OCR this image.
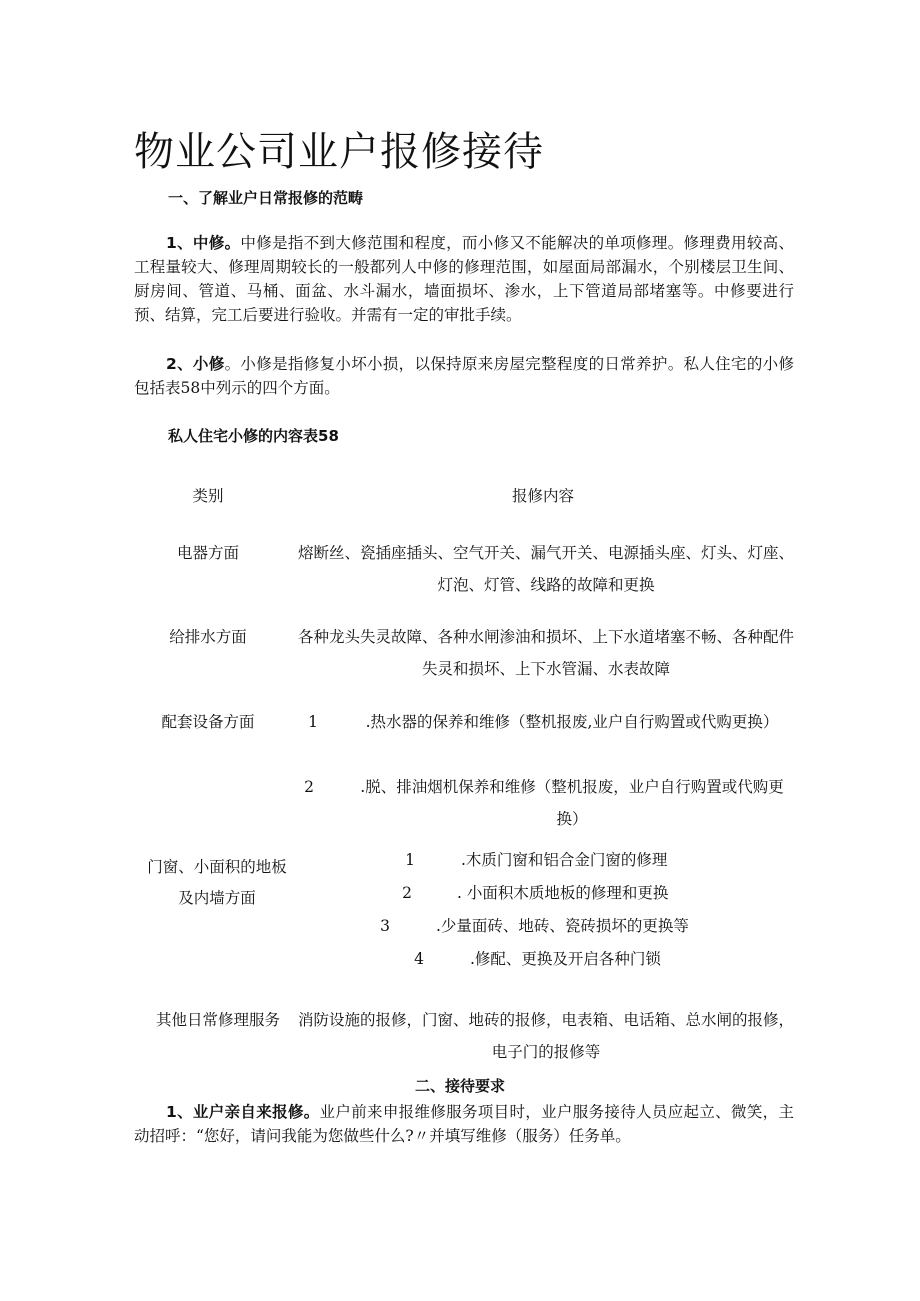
物业公司业户报修接待
一、了解业户日常报修的范畴

1、中修。中修是指不到大修范围和程度，而小修又不能解决的单项修理。修理费用较高、工程量较大、修理周期较长的一般都列人中修的修理范围，如屋面局部漏水，个别楼层卫生间、厨房间、管道、马桶、面盆、水斗漏水，墙面损坏、渗水，上下管道局部堵塞等。中修要进行预、结算，完工后要进行验收。并需有一定的审批手续。

2、小修。小修是指修复小坏小损，以保持原来房屋完整程度的日常养护。私人住宅的小修包括表58中列示的四个方面。

私人住宅小修的内容表58
类别	报修内容
电器方面	熔断丝、瓷插座插头、空气开关、漏气开关、电源插头座、灯头、灯座、灯泡、灯管、线路的故障和更换
给排水方面	各种龙头失灵故障、各种水闸渗油和损坏、上下水道堵塞不畅、各种配件失灵和损坏、上下水管漏、水表故障
配套设备方面	1	.热水器的保养和维修（整机报废,业户自行购置或代购更换）
2	.脱、排油烟机保养和维修（整机报废，业户自行购置或代购更换）
门窗、小面积的地板
及内墙方面
1	.木质门窗和铝合金门窗的修理
2	. 小面积木质地板的修理和更换
3	.少量面砖、地砖、瓷砖损坏的更换等
4	.修配、更换及开启各种门锁
其他日常修理服务	消防设施的报修，门窗、地砖的报修，电表箱、电话箱、总水闸的报修，电子门的报修等
二、接待要求

1、业户亲自来报修。业户前来申报维修服务项目时，业户服务接待人员应起立、微笑，主动招呼：“您好，请问我能为您做些什么?〃并填写维修（服务）任务单。
